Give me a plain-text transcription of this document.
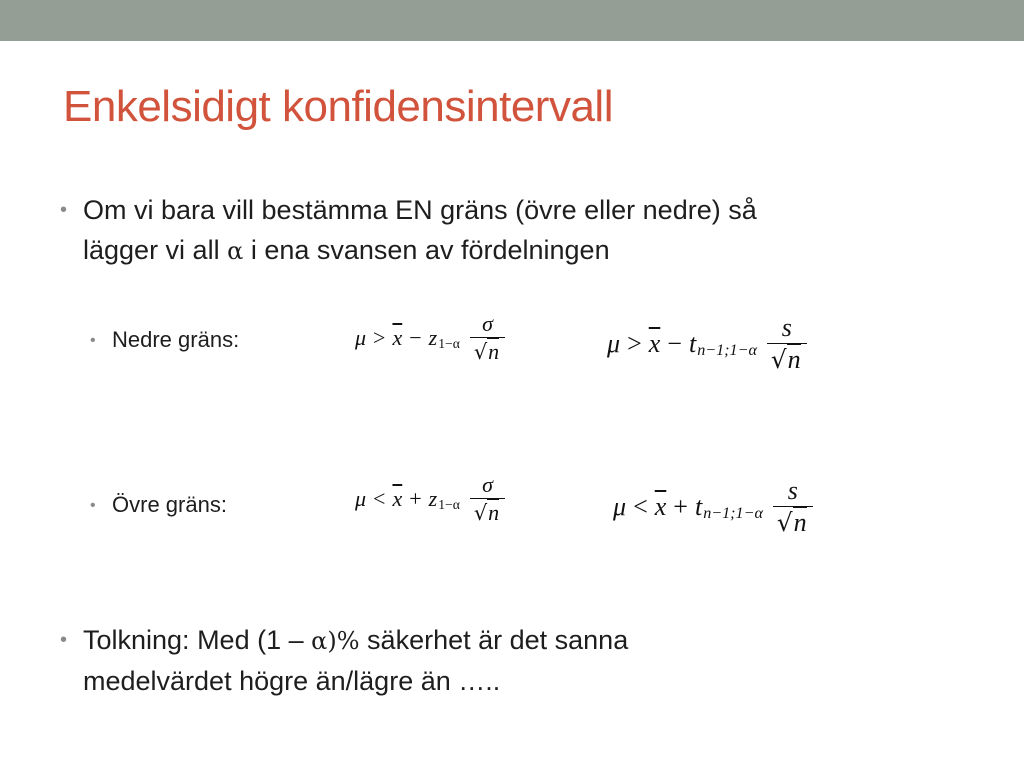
Enkelsidigt konfidensintervall
• Om vi bara vill bestämma EN gräns (övre eller nedre) så
lägger vi all α i ena svansen av fördelningen
• Nedre gräns:	$\mu > \overline{x} - z$ $1-\alpha \frac{\sigma}{√n}$	$\mu > \overline{x} - t$ n−1;1−α $\frac{s}{√n}$
• Övre gräns:	$\mu < \overline{x} + z$ $1-\alpha \frac{\sigma}{√n}$	$\mu < \overline{x} + t$ n−1;1−α $\frac{s}{√n}$
• Tolkning: Med (1 – α)% säkerhet är det sanna
medelvärdet högre än/lägre än …..
